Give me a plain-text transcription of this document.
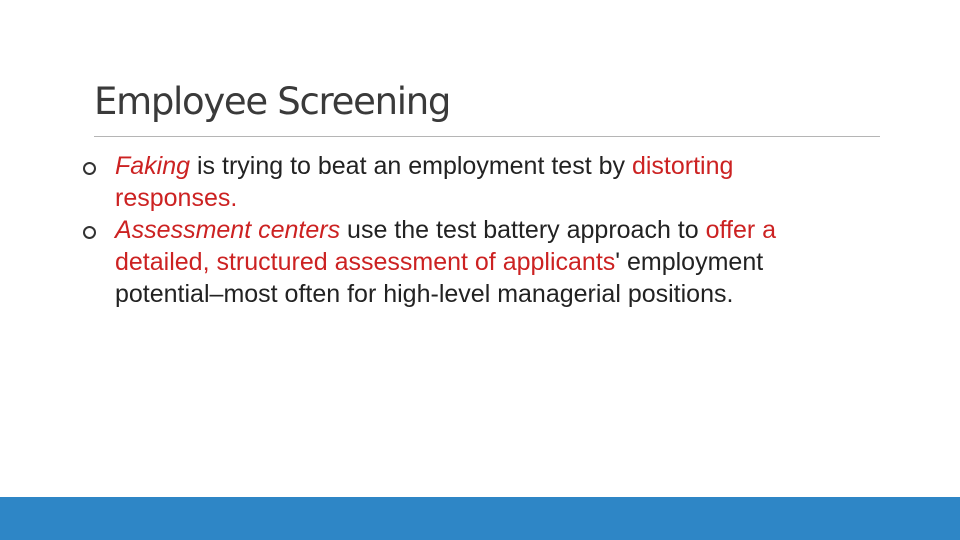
Employee Screening
Faking is trying to beat an employment test by distorting responses.
Assessment centers use the test battery approach to offer a detailed, structured assessment of applicants' employment potential–most often for high‑level managerial positions.
